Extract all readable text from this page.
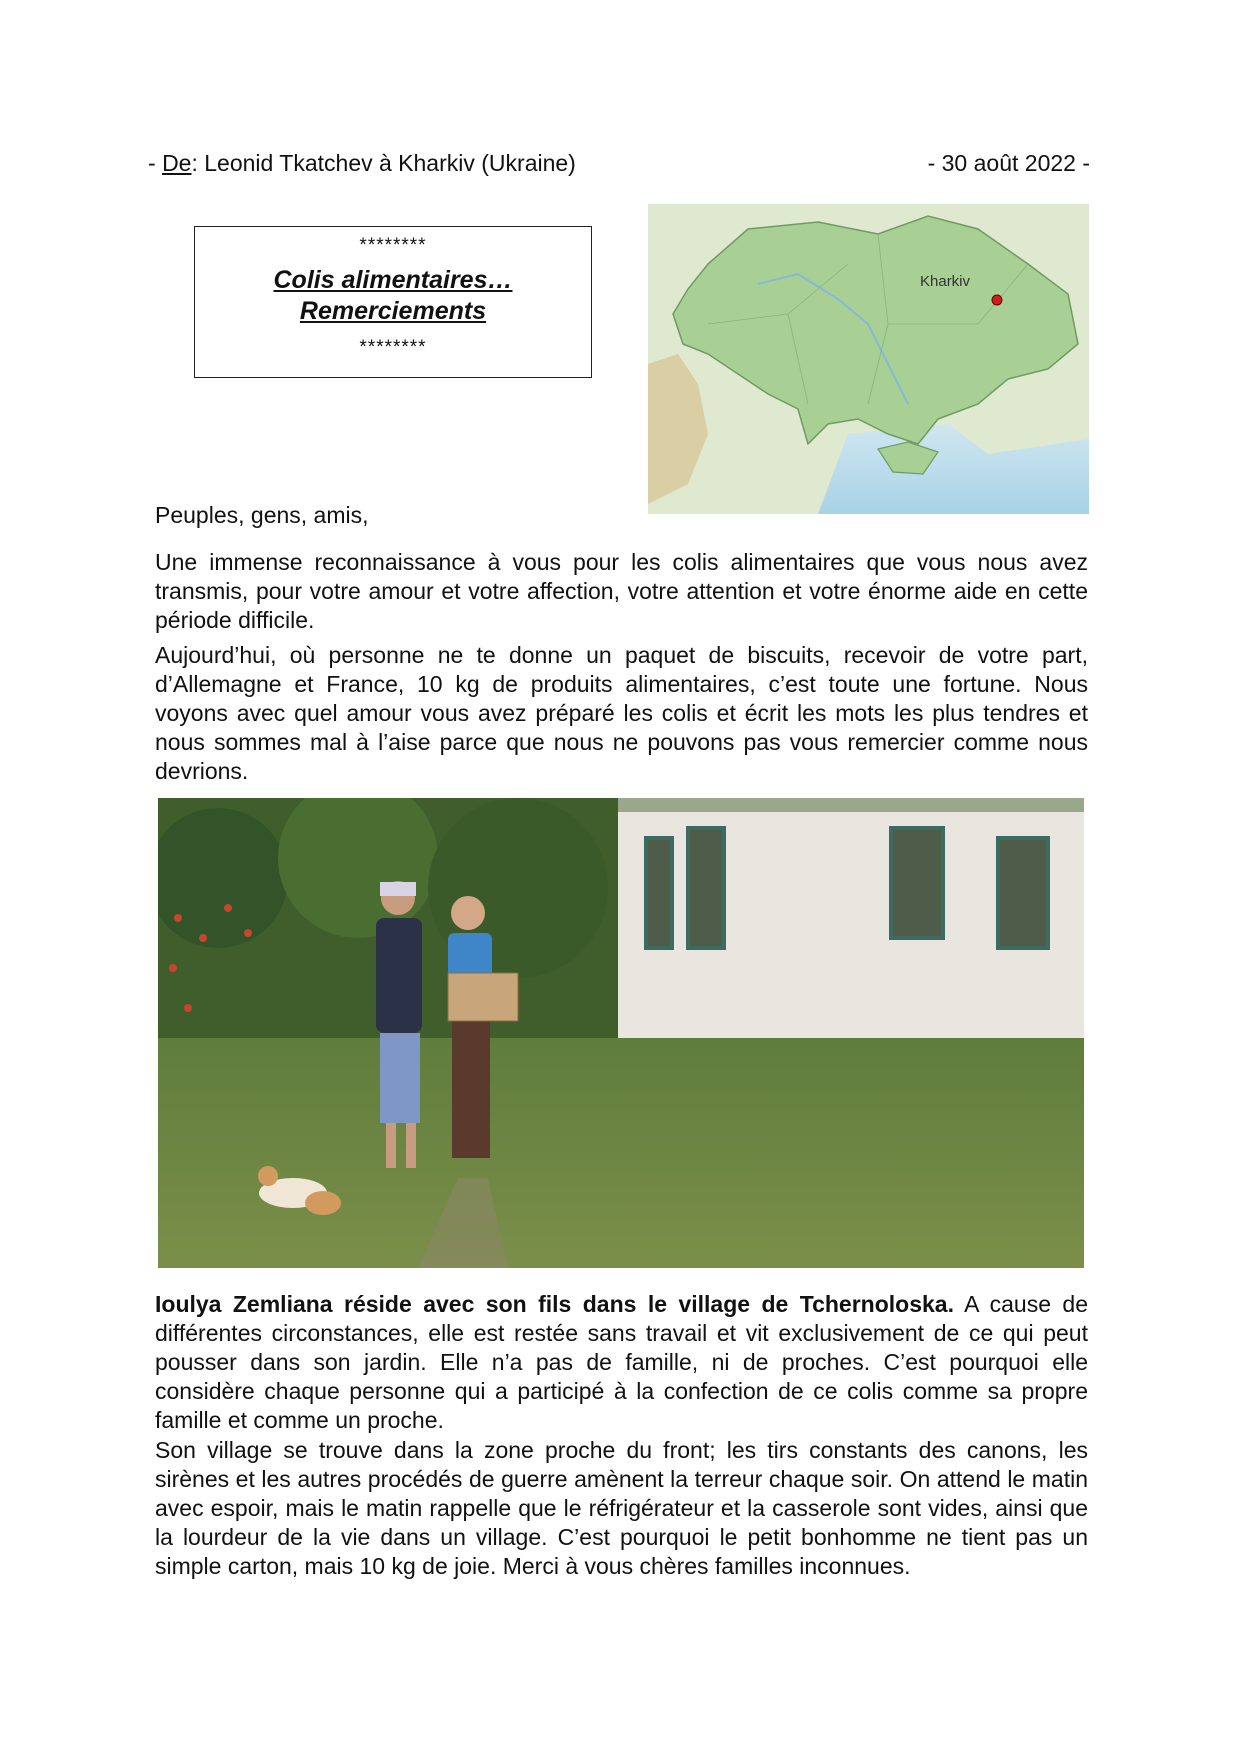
- De: Leonid Tkatchev à Kharkiv (Ukraine)	- 30 août 2022 -
********
Colis alimentaires…
Remerciements
********
Kharkiv
Peuples, gens, amis,

Une immense reconnaissance à vous pour les colis alimentaires que vous nous avez transmis, pour votre amour et votre affection, votre attention et votre énorme aide en cette période difficile.

Aujourd’hui, où personne ne te donne un paquet de biscuits, recevoir de votre part, d’Allemagne et France, 10 kg de produits alimentaires, c’est toute une fortune. Nous voyons avec quel amour vous avez préparé les colis et écrit les mots les plus tendres et nous sommes mal à l’aise parce que nous ne pouvons pas vous remercier comme nous devrions.

Ioulya Zemliana réside avec son fils dans le village de Tchernoloska. A cause de différentes circonstances, elle est restée sans travail et vit exclusivement de ce qui peut pousser dans son jardin. Elle n’a pas de famille, ni de proches. C’est pourquoi elle considère chaque personne qui a participé à la confection de ce colis comme sa propre famille et comme un proche.

Son village se trouve dans la zone proche du front; les tirs constants des canons, les sirènes et les autres procédés de guerre amènent la terreur chaque soir. On attend le matin avec espoir, mais le matin rappelle que le réfrigérateur et la casserole sont vides, ainsi que la lourdeur de la vie dans un village. C’est pourquoi le petit bonhomme ne tient pas un simple carton, mais 10 kg de joie. Merci à vous chères familles inconnues.
